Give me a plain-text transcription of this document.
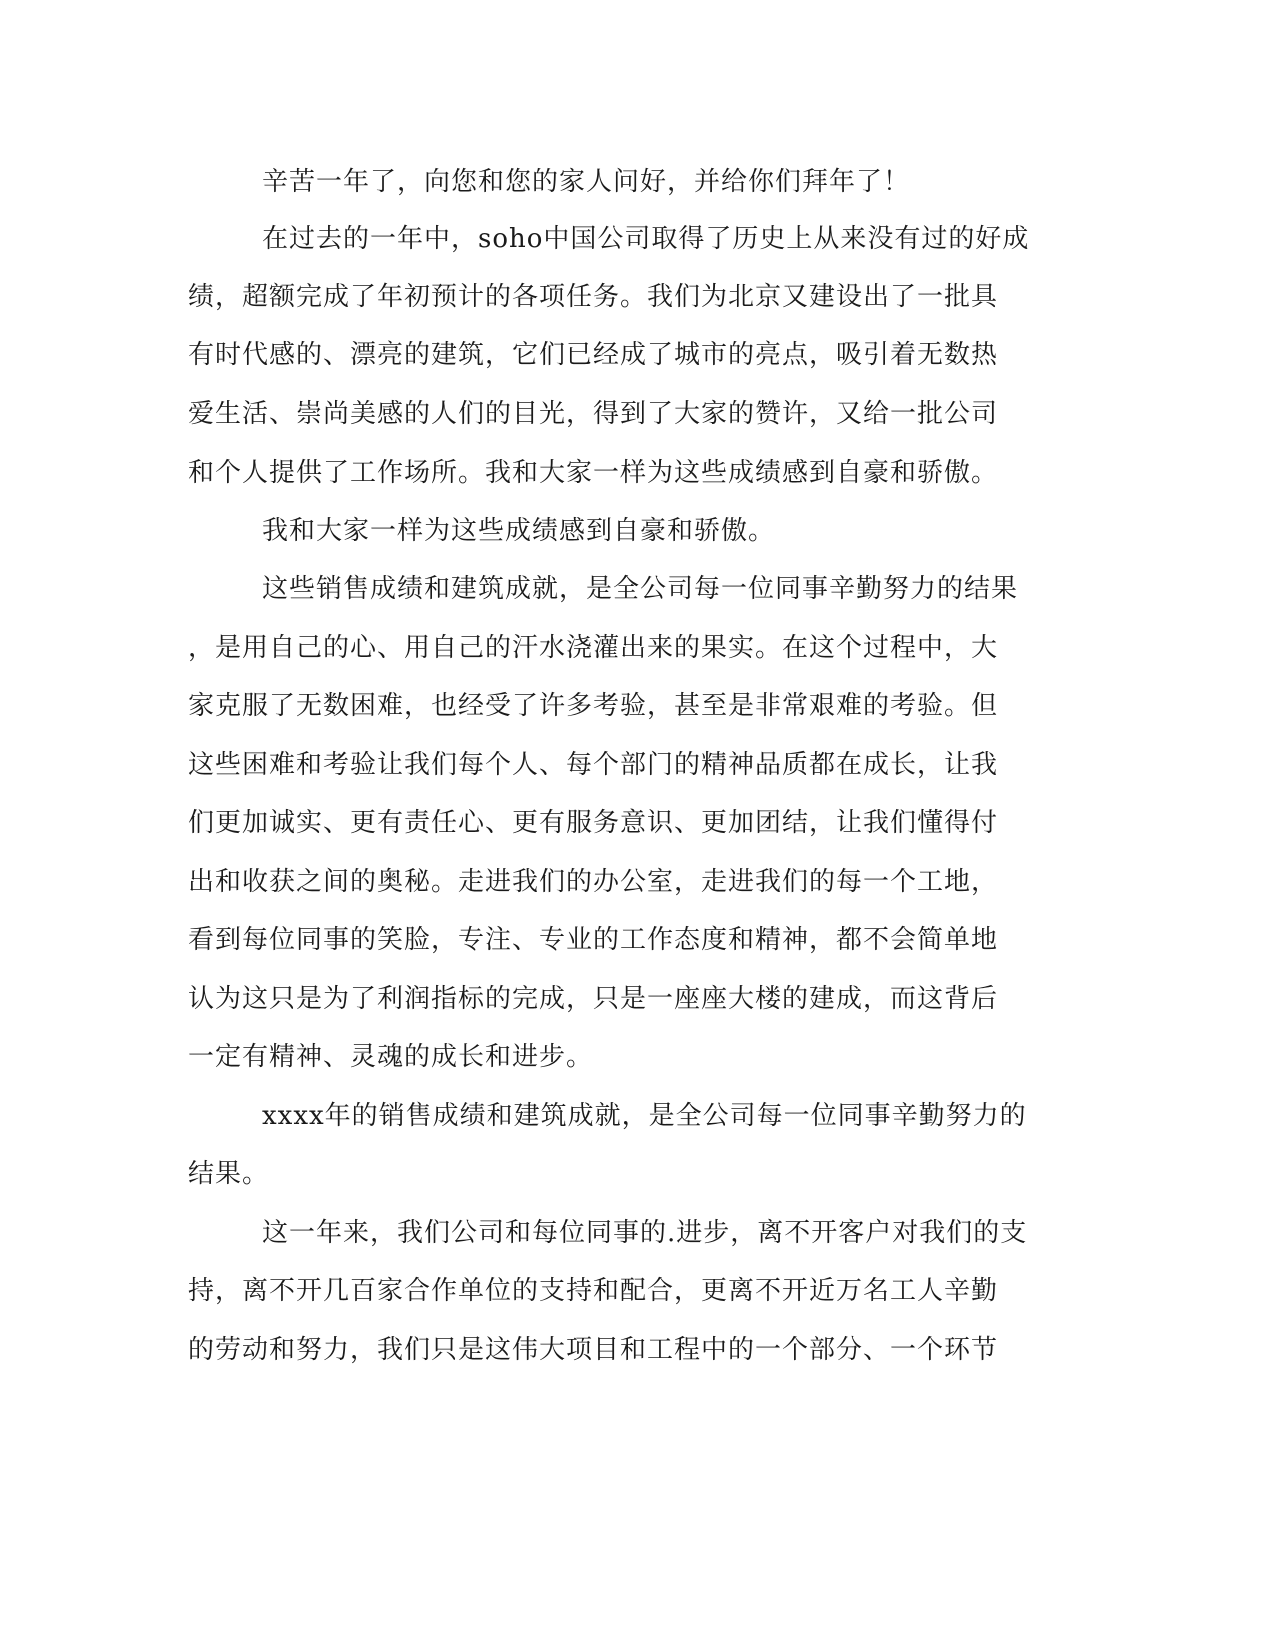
辛苦一年了，向您和您的家人问好，并给你们拜年了！
在过去的一年中，soho中国公司取得了历史上从来没有过的好成
绩，超额完成了年初预计的各项任务。我们为北京又建设出了一批具
有时代感的、漂亮的建筑，它们已经成了城市的亮点，吸引着无数热
爱生活、崇尚美感的人们的目光，得到了大家的赞许，又给一批公司
和个人提供了工作场所。我和大家一样为这些成绩感到自豪和骄傲。
我和大家一样为这些成绩感到自豪和骄傲。
这些销售成绩和建筑成就，是全公司每一位同事辛勤努力的结果
，是用自己的心、用自己的汗水浇灌出来的果实。在这个过程中，大
家克服了无数困难，也经受了许多考验，甚至是非常艰难的考验。但
这些困难和考验让我们每个人、每个部门的精神品质都在成长，让我
们更加诚实、更有责任心、更有服务意识、更加团结，让我们懂得付
出和收获之间的奥秘。走进我们的办公室，走进我们的每一个工地，
看到每位同事的笑脸，专注、专业的工作态度和精神，都不会简单地
认为这只是为了利润指标的完成，只是一座座大楼的建成，而这背后
一定有精神、灵魂的成长和进步。
xxxx年的销售成绩和建筑成就，是全公司每一位同事辛勤努力的
结果。
这一年来，我们公司和每位同事的.进步，离不开客户对我们的支
持，离不开几百家合作单位的支持和配合，更离不开近万名工人辛勤
的劳动和努力，我们只是这伟大项目和工程中的一个部分、一个环节
